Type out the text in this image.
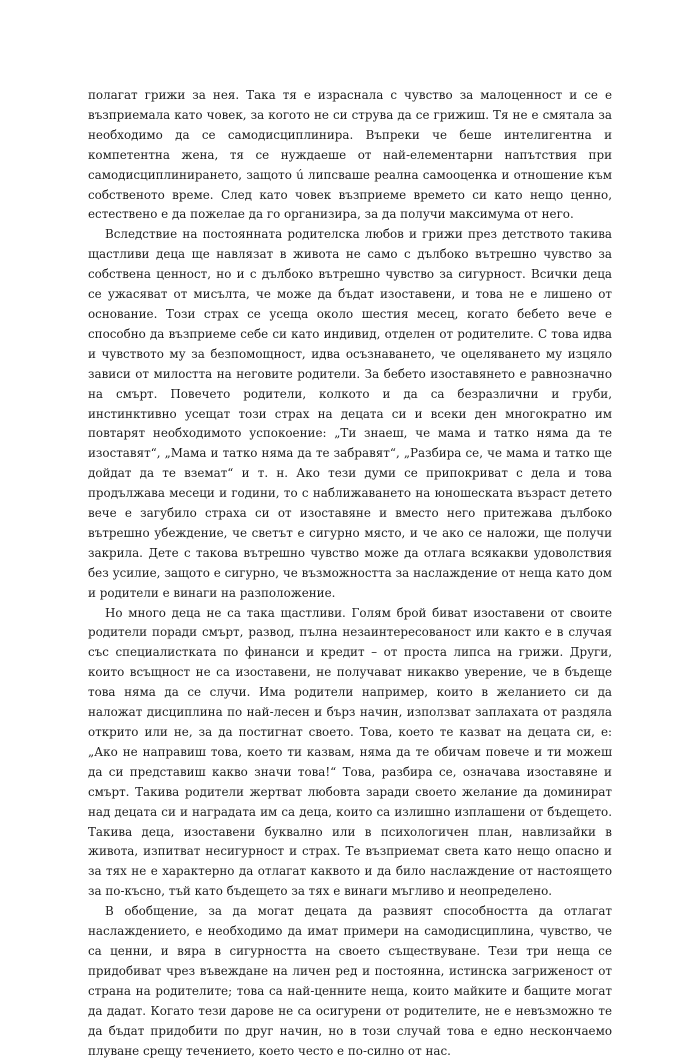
полагат грижи за нея. Така тя е израснала с чувство за малоценност и се е възприемала като човек, за когото не си струва да се грижиш. Тя не е смятала за необходимо да се самодисциплинира. Въпреки че беше интелигентна и компетентна жена, тя се нуждаеше от най-елементарни напътствия при самодисциплинирането, защото ú липсваше реална самооценка и отношение към собственото време. След като човек възприеме времето си като нещо ценно, естествено е да пожелае да го организира, за да получи максимума от него.

Вследствие на постоянната родителска любов и грижи през детството такива щастливи деца ще навлязат в живота не само с дълбоко вътрешно чувство за собствена ценност, но и с дълбоко вътрешно чувство за сигурност. Всички деца се ужасяват от мисълта, че може да бъдат изоставени, и това не е лишено от основание. Този страх се усеща около шестия месец, когато бебето вече е способно да възприеме себе си като индивид, отделен от родителите. С това идва и чувството му за безпомощност, идва осъзнаването, че оцеляването му изцяло зависи от милостта на неговите родители. За бебето изоставянето е равнозначно на смърт. Повечето родители, колкото и да са безразлични и груби, инстинктивно усещат този страх на децата си и всеки ден многократно им повтарят необходимото успокоение: „Ти знаеш, че мама и татко няма да те изоставят“, „Мама и татко няма да те забравят“, „Разбира се, че мама и татко ще дойдат да те вземат“ и т. н. Ако тези думи се припокриват с дела и това продължава месеци и години, то с наближаването на юношеската възраст детето вече е загубило страха си от изоставяне и вместо него притежава дълбоко вътрешно убеждение, че светът е сигурно място, и че ако се наложи, ще получи закрила. Дете с такова вътрешно чувство може да отлага всякакви удоволствия без усилие, защото е сигурно, че възможността за наслаждение от неща като дом и родители е винаги на разположение.

Но много деца не са така щастливи. Голям брой биват изоставени от своите родители поради смърт, развод, пълна незаинтересованост или както е в случая със специалистката по финанси и кредит – от проста липса на грижи. Други, които всъщност не са изоставени, не получават никакво уверение, че в бъдеще това няма да се случи. Има родители например, които в желанието си да наложат дисциплина по най-лесен и бърз начин, използват заплахата от раздяла открито или не, за да постигнат своето. Това, което те казват на децата си, е: „Ако не направиш това, което ти казвам, няма да те обичам повече и ти можеш да си представиш какво значи това!“ Това, разбира се, означава изоставяне и смърт. Такива родители жертват любовта заради своето желание да доминират над децата си и наградата им са деца, които са излишно изплашени от бъдещето. Такива деца, изоставени буквално или в психологичен план, навлизайки в живота, изпитват несигурност и страх. Те възприемат света като нещо опасно и за тях не е характерно да отлагат каквото и да било наслаждение от настоящето за по-късно, тъй като бъдещето за тях е винаги мъгливо и неопределено.

В обобщение, за да могат децата да развият способността да отлагат наслаждението, е необходимо да имат примери на самодисциплина, чувство, че са ценни, и вяра в сигурността на своето съществуване. Тези три неща се придобиват чрез въвеждане на личен ред и постоянна, истинска загриженост от страна на родителите; това са най-ценните неща, които майките и бащите могат да дадат. Когато тези дарове не са осигурени от родителите, не е невъзможно те да бъдат придобити по друг начин, но в този случай това е едно нескончаемо плуване срещу течението, което често е по-силно от нас.
